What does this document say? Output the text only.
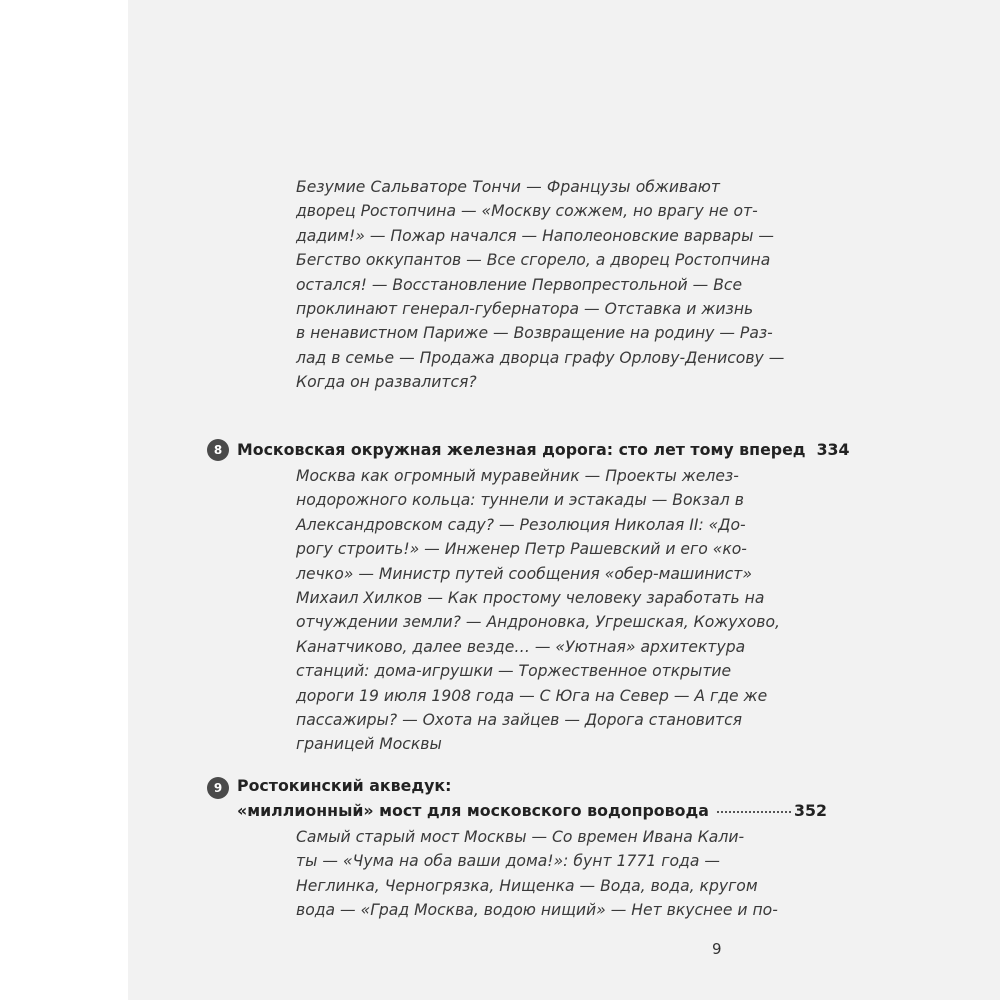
Безумие Сальваторе Тончи — Французы обживают
дворец Ростопчина — «Москву сожжем, но врагу не от-
дадим!» — Пожар начался — Наполеоновские варвары —
Бегство оккупантов — Все сгорело, а дворец Ростопчина
остался! — Восстановление Первопрестольной — Все
проклинают генерал-губернатора — Отставка и жизнь
в ненавистном Париже — Возвращение на родину — Раз-
лад в семье — Продажа дворца графу Орлову-Денисову —
Когда он развалится?
8 Московская окружная железная дорога: сто лет тому вперед 334
Москва как огромный муравейник — Проекты желез-
нодорожного кольца: туннели и эстакады — Вокзал в
Александровском саду? — Резолюция Николая II: «До-
рогу строить!» — Инженер Петр Рашевский и его «ко-
лечко» — Министр путей сообщения «обер-машинист»
Михаил Хилков — Как простому человеку заработать на
отчуждении земли? — Андроновка, Угрешская, Кожухово,
Канатчиково, далее везде… — «Уютная» архитектура
станций: дома-игрушки — Торжественное открытие
дороги 19 июля 1908 года — С Юга на Север — А где же
пассажиры? — Охота на зайцев — Дорога становится
границей Москвы
9 Ростокинский акведук:
«миллионный» мост для московского водопровода	352
Самый старый мост Москвы — Со времен Ивана Кали-
ты — «Чума на оба ваши дома!»: бунт 1771 года —
Неглинка, Черногрязка, Нищенка — Вода, вода, кругом
вода — «Град Москва, водою нищий» — Нет вкуснее и по-
9
